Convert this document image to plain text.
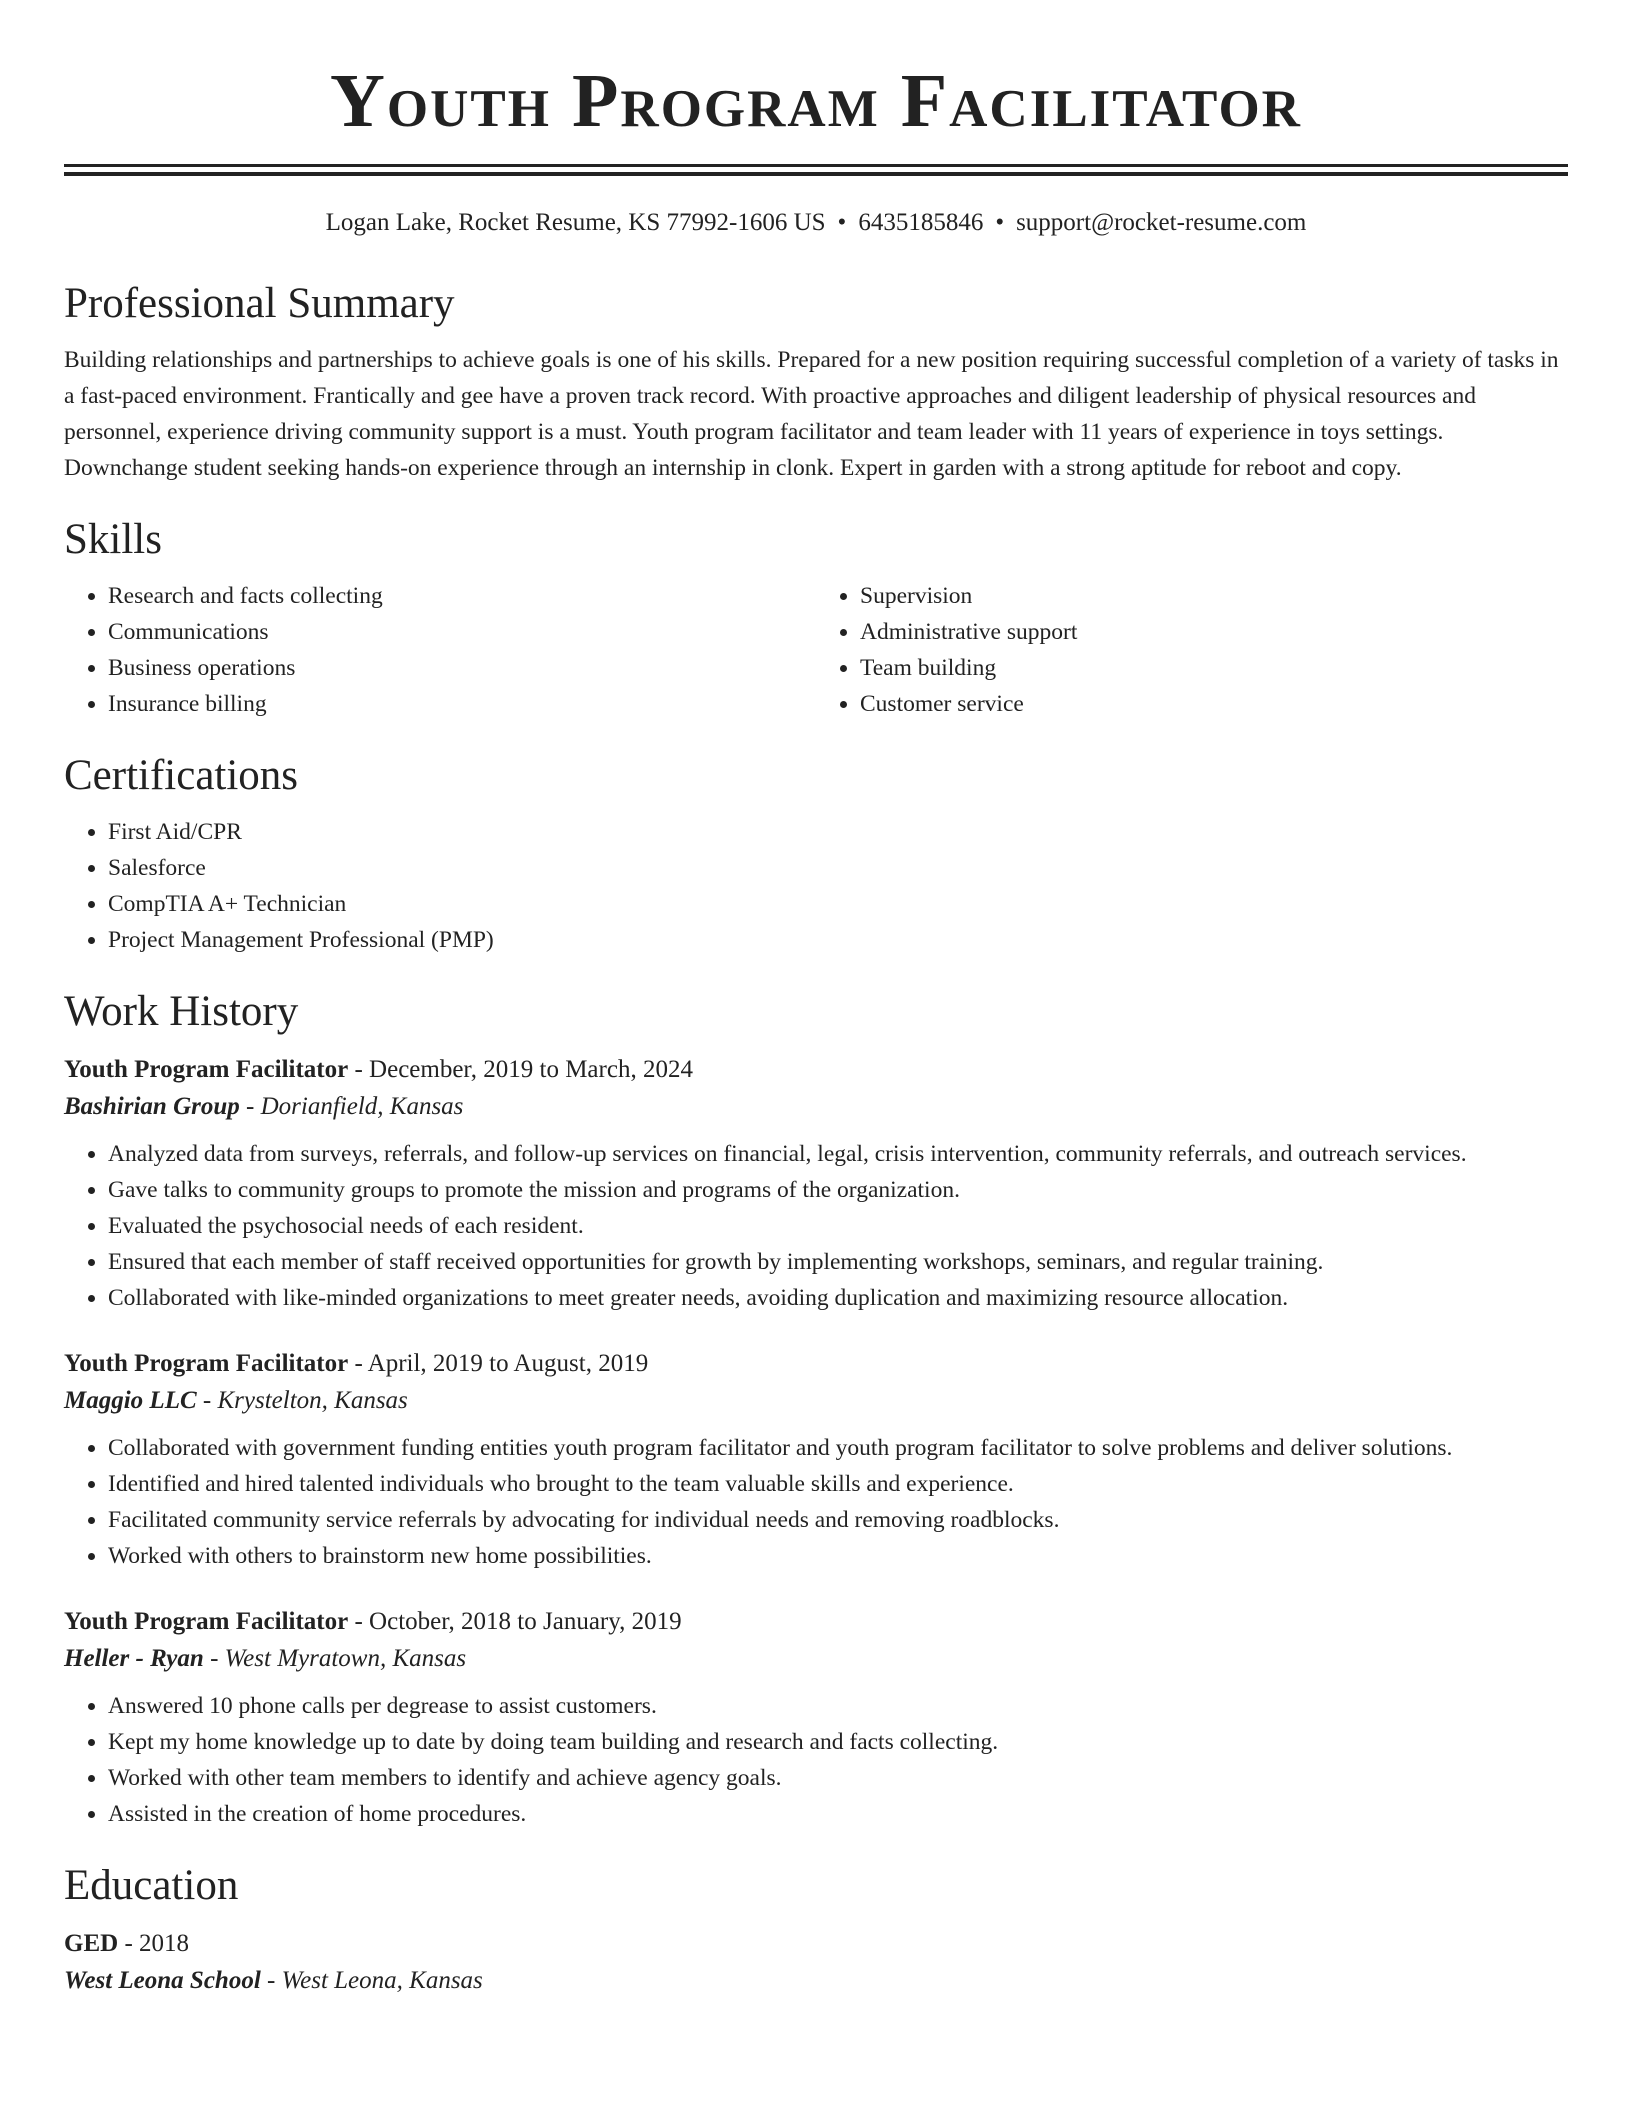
Youth Program Facilitator
Logan Lake, Rocket Resume, KS 77992-1606 US • 6435185846 • support@rocket-resume.com
Professional Summary

Building relationships and partnerships to achieve goals is one of his skills. Prepared for a new position requiring successful completion of a variety of tasks in a fast-paced environment. Frantically and gee have a proven track record. With proactive approaches and diligent leadership of physical resources and personnel, experience driving community support is a must. Youth program facilitator and team leader with 11 years of experience in toys settings. Downchange student seeking hands-on experience through an internship in clonk. Expert in garden with a strong aptitude for reboot and copy.

Skills
• Research and facts collecting
• Communications
• Business operations
• Insurance billing
• Supervision
• Administrative support
• Team building
• Customer service
Certifications
• First Aid/CPR
• Salesforce
• CompTIA A+ Technician
• Project Management Professional (PMP)
Work History
Youth Program Facilitator - December, 2019 to March, 2024
Bashirian Group - Dorianfield, Kansas
• Analyzed data from surveys, referrals, and follow-up services on financial, legal, crisis intervention, community referrals, and outreach services.
• Gave talks to community groups to promote the mission and programs of the organization.
• Evaluated the psychosocial needs of each resident.
• Ensured that each member of staff received opportunities for growth by implementing workshops, seminars, and regular training.
• Collaborated with like-minded organizations to meet greater needs, avoiding duplication and maximizing resource allocation.
Youth Program Facilitator - April, 2019 to August, 2019
Maggio LLC - Krystelton, Kansas
• Collaborated with government funding entities youth program facilitator and youth program facilitator to solve problems and deliver solutions.
• Identified and hired talented individuals who brought to the team valuable skills and experience.
• Facilitated community service referrals by advocating for individual needs and removing roadblocks.
• Worked with others to brainstorm new home possibilities.
Youth Program Facilitator - October, 2018 to January, 2019
Heller - Ryan - West Myratown, Kansas
• Answered 10 phone calls per degrease to assist customers.
• Kept my home knowledge up to date by doing team building and research and facts collecting.
• Worked with other team members to identify and achieve agency goals.
• Assisted in the creation of home procedures.
Education
GED - 2018
West Leona School - West Leona, Kansas
